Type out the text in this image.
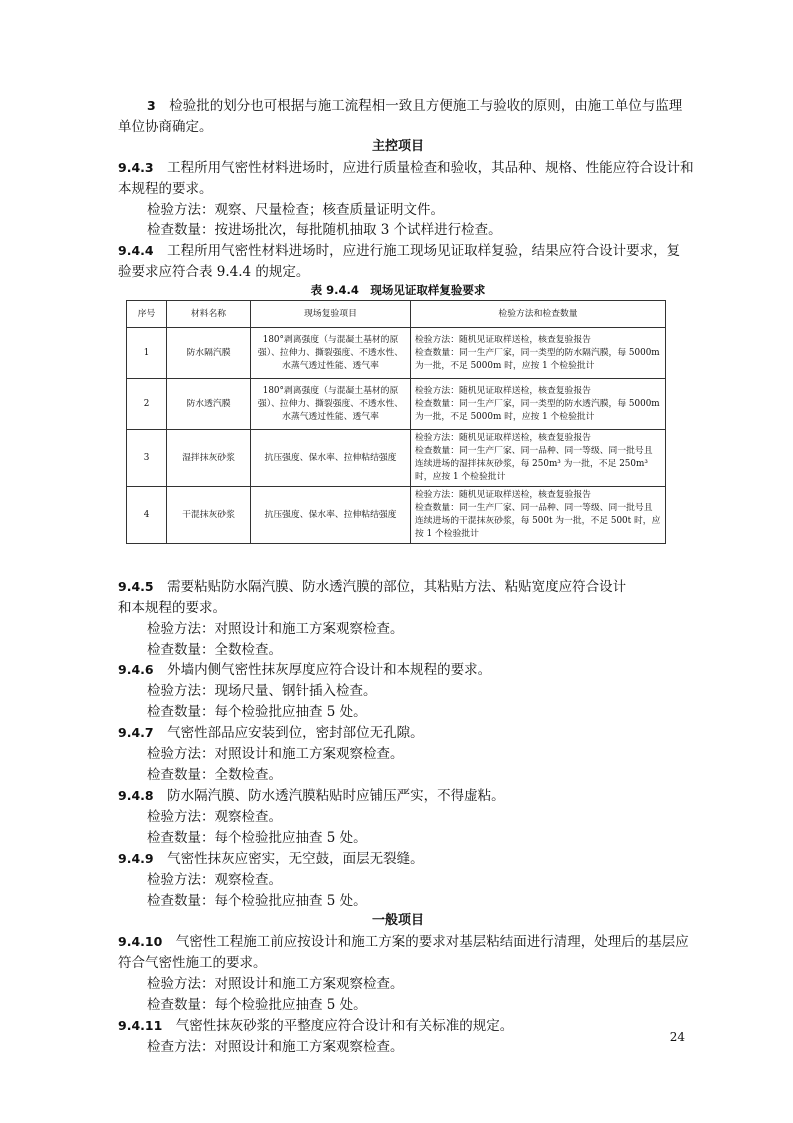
3　 检验批的划分也可根据与施工流程相一致且方便施工与验收的原则，由施工单位与监理
单位协商确定。
主控项目
9.4.3　 工程所用气密性材料进场时，应进行质量检查和验收，其品种、规格、性能应符合设计和
本规程的要求。
检验方法：观察、尺量检查；核查质量证明文件。
检查数量：按进场批次，每批随机抽取 3 个试样进行检查。
9.4.4　 工程所用气密性材料进场时，应进行施工现场见证取样复验，结果应符合设计要求，复
验要求应符合表 9.4.4 的规定。
表 9.4.4　现场见证取样复验要求
序号	材料名称	现场复验项目	检验方法和检查数量
1	防水隔汽膜	180°剥离强度（与混凝土基材的原强）、拉伸力、撕裂强度、不透水性、水蒸气透过性能、透气率	检验方法：随机见证取样送检，核查复验报告
检查数量：同一生产厂家，同一类型的防水隔汽膜，每 5000m 为一批，不足 5000m 时，应按 1 个检验批计
2	防水透汽膜	180°剥离强度（与混凝土基材的原强）、拉伸力、撕裂强度、不透水性、水蒸气透过性能、透气率	检验方法：随机见证取样送检，核查复验报告
检查数量：同一生产厂家，同一类型的防水透汽膜，每 5000m 为一批，不足 5000m 时，应按 1 个检验批计
3	湿拌抹灰砂浆	抗压强度、保水率、拉伸粘结强度	检验方法：随机见证取样送检，核查复验报告
检查数量：同一生产厂家、同一品种、同一等级、同一批号且连续进场的湿拌抹灰砂浆，每 250m³ 为一批，不足 250m³ 时，应按 1 个检验批计
4	干混抹灰砂浆	抗压强度、保水率、拉伸粘结强度	检验方法：随机见证取样送检，核查复验报告
检查数量：同一生产厂家、同一品种、同一等级、同一批号且连续进场的干混抹灰砂浆，每 500t 为一批，不足 500t 时，应按 1 个检验批计
9.4.5　 需要粘贴防水隔汽膜、防水透汽膜的部位，其粘贴方法、粘贴宽度应符合设计
和本规程的要求。
检验方法：对照设计和施工方案观察检查。
检查数量：全数检查。
9.4.6　 外墙内侧气密性抹灰厚度应符合设计和本规程的要求。
检验方法：现场尺量、钢针插入检查。
检查数量：每个检验批应抽查 5 处。
9.4.7　 气密性部品应安装到位，密封部位无孔隙。
检验方法：对照设计和施工方案观察检查。
检查数量：全数检查。
9.4.8　 防水隔汽膜、防水透汽膜粘贴时应铺压严实，不得虚粘。
检验方法：观察检查。
检查数量：每个检验批应抽查 5 处。
9.4.9　 气密性抹灰应密实，无空鼓，面层无裂缝。
检验方法：观察检查。
检查数量：每个检验批应抽查 5 处。
一般项目
9.4.10　 气密性工程施工前应按设计和施工方案的要求对基层粘结面进行清理，处理后的基层应
符合气密性施工的要求。
检验方法：对照设计和施工方案观察检查。
检查数量：每个检验批应抽查 5 处。
9.4.11　 气密性抹灰砂浆的平整度应符合设计和有关标准的规定。
检查方法：对照设计和施工方案观察检查。
24
